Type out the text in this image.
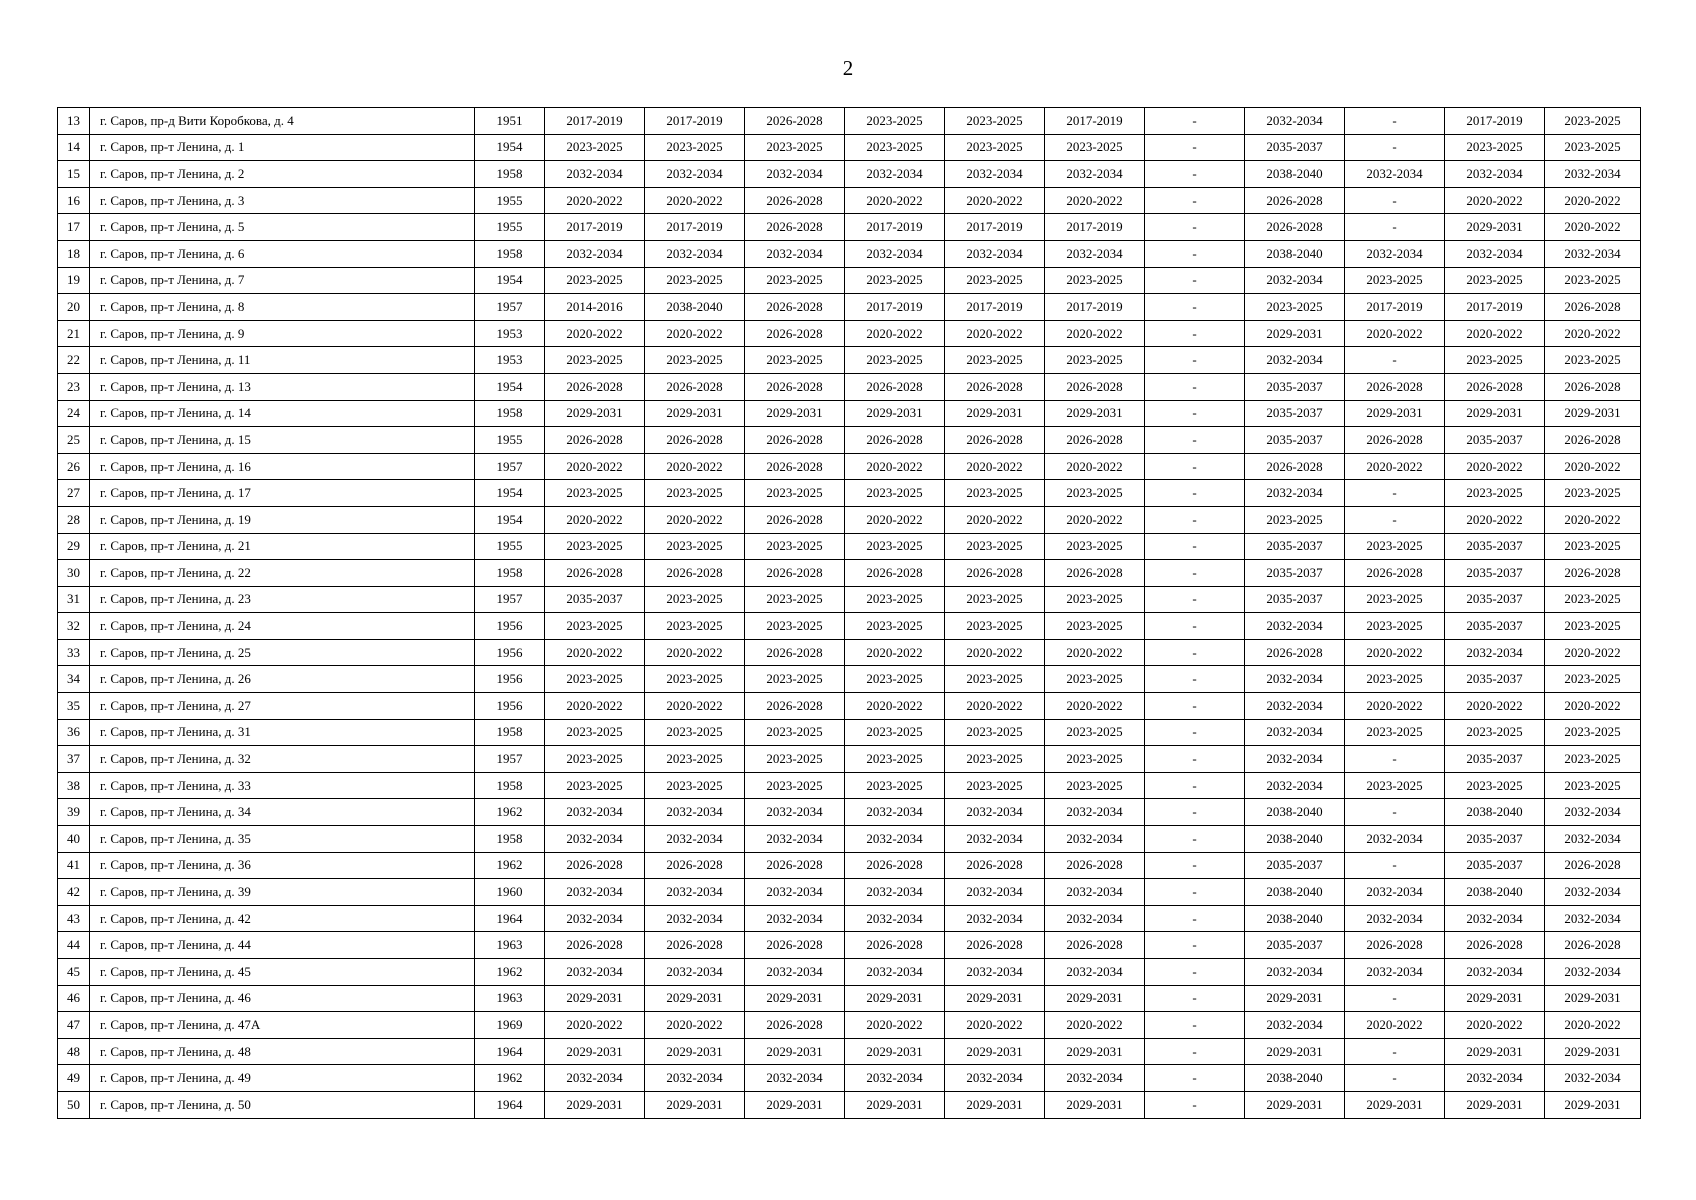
2
13	г. Саров, пр-д Вити Коробкова, д. 4	1951	2017-2019	2017-2019	2026-2028	2023-2025	2023-2025	2017-2019	-	2032-2034	-	2017-2019	2023-2025
14	г. Саров, пр-т Ленина, д. 1	1954	2023-2025	2023-2025	2023-2025	2023-2025	2023-2025	2023-2025	-	2035-2037	-	2023-2025	2023-2025
15	г. Саров, пр-т Ленина, д. 2	1958	2032-2034	2032-2034	2032-2034	2032-2034	2032-2034	2032-2034	-	2038-2040	2032-2034	2032-2034	2032-2034
16	г. Саров, пр-т Ленина, д. 3	1955	2020-2022	2020-2022	2026-2028	2020-2022	2020-2022	2020-2022	-	2026-2028	-	2020-2022	2020-2022
17	г. Саров, пр-т Ленина, д. 5	1955	2017-2019	2017-2019	2026-2028	2017-2019	2017-2019	2017-2019	-	2026-2028	-	2029-2031	2020-2022
18	г. Саров, пр-т Ленина, д. 6	1958	2032-2034	2032-2034	2032-2034	2032-2034	2032-2034	2032-2034	-	2038-2040	2032-2034	2032-2034	2032-2034
19	г. Саров, пр-т Ленина, д. 7	1954	2023-2025	2023-2025	2023-2025	2023-2025	2023-2025	2023-2025	-	2032-2034	2023-2025	2023-2025	2023-2025
20	г. Саров, пр-т Ленина, д. 8	1957	2014-2016	2038-2040	2026-2028	2017-2019	2017-2019	2017-2019	-	2023-2025	2017-2019	2017-2019	2026-2028
21	г. Саров, пр-т Ленина, д. 9	1953	2020-2022	2020-2022	2026-2028	2020-2022	2020-2022	2020-2022	-	2029-2031	2020-2022	2020-2022	2020-2022
22	г. Саров, пр-т Ленина, д. 11	1953	2023-2025	2023-2025	2023-2025	2023-2025	2023-2025	2023-2025	-	2032-2034	-	2023-2025	2023-2025
23	г. Саров, пр-т Ленина, д. 13	1954	2026-2028	2026-2028	2026-2028	2026-2028	2026-2028	2026-2028	-	2035-2037	2026-2028	2026-2028	2026-2028
24	г. Саров, пр-т Ленина, д. 14	1958	2029-2031	2029-2031	2029-2031	2029-2031	2029-2031	2029-2031	-	2035-2037	2029-2031	2029-2031	2029-2031
25	г. Саров, пр-т Ленина, д. 15	1955	2026-2028	2026-2028	2026-2028	2026-2028	2026-2028	2026-2028	-	2035-2037	2026-2028	2035-2037	2026-2028
26	г. Саров, пр-т Ленина, д. 16	1957	2020-2022	2020-2022	2026-2028	2020-2022	2020-2022	2020-2022	-	2026-2028	2020-2022	2020-2022	2020-2022
27	г. Саров, пр-т Ленина, д. 17	1954	2023-2025	2023-2025	2023-2025	2023-2025	2023-2025	2023-2025	-	2032-2034	-	2023-2025	2023-2025
28	г. Саров, пр-т Ленина, д. 19	1954	2020-2022	2020-2022	2026-2028	2020-2022	2020-2022	2020-2022	-	2023-2025	-	2020-2022	2020-2022
29	г. Саров, пр-т Ленина, д. 21	1955	2023-2025	2023-2025	2023-2025	2023-2025	2023-2025	2023-2025	-	2035-2037	2023-2025	2035-2037	2023-2025
30	г. Саров, пр-т Ленина, д. 22	1958	2026-2028	2026-2028	2026-2028	2026-2028	2026-2028	2026-2028	-	2035-2037	2026-2028	2035-2037	2026-2028
31	г. Саров, пр-т Ленина, д. 23	1957	2035-2037	2023-2025	2023-2025	2023-2025	2023-2025	2023-2025	-	2035-2037	2023-2025	2035-2037	2023-2025
32	г. Саров, пр-т Ленина, д. 24	1956	2023-2025	2023-2025	2023-2025	2023-2025	2023-2025	2023-2025	-	2032-2034	2023-2025	2035-2037	2023-2025
33	г. Саров, пр-т Ленина, д. 25	1956	2020-2022	2020-2022	2026-2028	2020-2022	2020-2022	2020-2022	-	2026-2028	2020-2022	2032-2034	2020-2022
34	г. Саров, пр-т Ленина, д. 26	1956	2023-2025	2023-2025	2023-2025	2023-2025	2023-2025	2023-2025	-	2032-2034	2023-2025	2035-2037	2023-2025
35	г. Саров, пр-т Ленина, д. 27	1956	2020-2022	2020-2022	2026-2028	2020-2022	2020-2022	2020-2022	-	2032-2034	2020-2022	2020-2022	2020-2022
36	г. Саров, пр-т Ленина, д. 31	1958	2023-2025	2023-2025	2023-2025	2023-2025	2023-2025	2023-2025	-	2032-2034	2023-2025	2023-2025	2023-2025
37	г. Саров, пр-т Ленина, д. 32	1957	2023-2025	2023-2025	2023-2025	2023-2025	2023-2025	2023-2025	-	2032-2034	-	2035-2037	2023-2025
38	г. Саров, пр-т Ленина, д. 33	1958	2023-2025	2023-2025	2023-2025	2023-2025	2023-2025	2023-2025	-	2032-2034	2023-2025	2023-2025	2023-2025
39	г. Саров, пр-т Ленина, д. 34	1962	2032-2034	2032-2034	2032-2034	2032-2034	2032-2034	2032-2034	-	2038-2040	-	2038-2040	2032-2034
40	г. Саров, пр-т Ленина, д. 35	1958	2032-2034	2032-2034	2032-2034	2032-2034	2032-2034	2032-2034	-	2038-2040	2032-2034	2035-2037	2032-2034
41	г. Саров, пр-т Ленина, д. 36	1962	2026-2028	2026-2028	2026-2028	2026-2028	2026-2028	2026-2028	-	2035-2037	-	2035-2037	2026-2028
42	г. Саров, пр-т Ленина, д. 39	1960	2032-2034	2032-2034	2032-2034	2032-2034	2032-2034	2032-2034	-	2038-2040	2032-2034	2038-2040	2032-2034
43	г. Саров, пр-т Ленина, д. 42	1964	2032-2034	2032-2034	2032-2034	2032-2034	2032-2034	2032-2034	-	2038-2040	2032-2034	2032-2034	2032-2034
44	г. Саров, пр-т Ленина, д. 44	1963	2026-2028	2026-2028	2026-2028	2026-2028	2026-2028	2026-2028	-	2035-2037	2026-2028	2026-2028	2026-2028
45	г. Саров, пр-т Ленина, д. 45	1962	2032-2034	2032-2034	2032-2034	2032-2034	2032-2034	2032-2034	-	2032-2034	2032-2034	2032-2034	2032-2034
46	г. Саров, пр-т Ленина, д. 46	1963	2029-2031	2029-2031	2029-2031	2029-2031	2029-2031	2029-2031	-	2029-2031	-	2029-2031	2029-2031
47	г. Саров, пр-т Ленина, д. 47А	1969	2020-2022	2020-2022	2026-2028	2020-2022	2020-2022	2020-2022	-	2032-2034	2020-2022	2020-2022	2020-2022
48	г. Саров, пр-т Ленина, д. 48	1964	2029-2031	2029-2031	2029-2031	2029-2031	2029-2031	2029-2031	-	2029-2031	-	2029-2031	2029-2031
49	г. Саров, пр-т Ленина, д. 49	1962	2032-2034	2032-2034	2032-2034	2032-2034	2032-2034	2032-2034	-	2038-2040	-	2032-2034	2032-2034
50	г. Саров, пр-т Ленина, д. 50	1964	2029-2031	2029-2031	2029-2031	2029-2031	2029-2031	2029-2031	-	2029-2031	2029-2031	2029-2031	2029-2031
